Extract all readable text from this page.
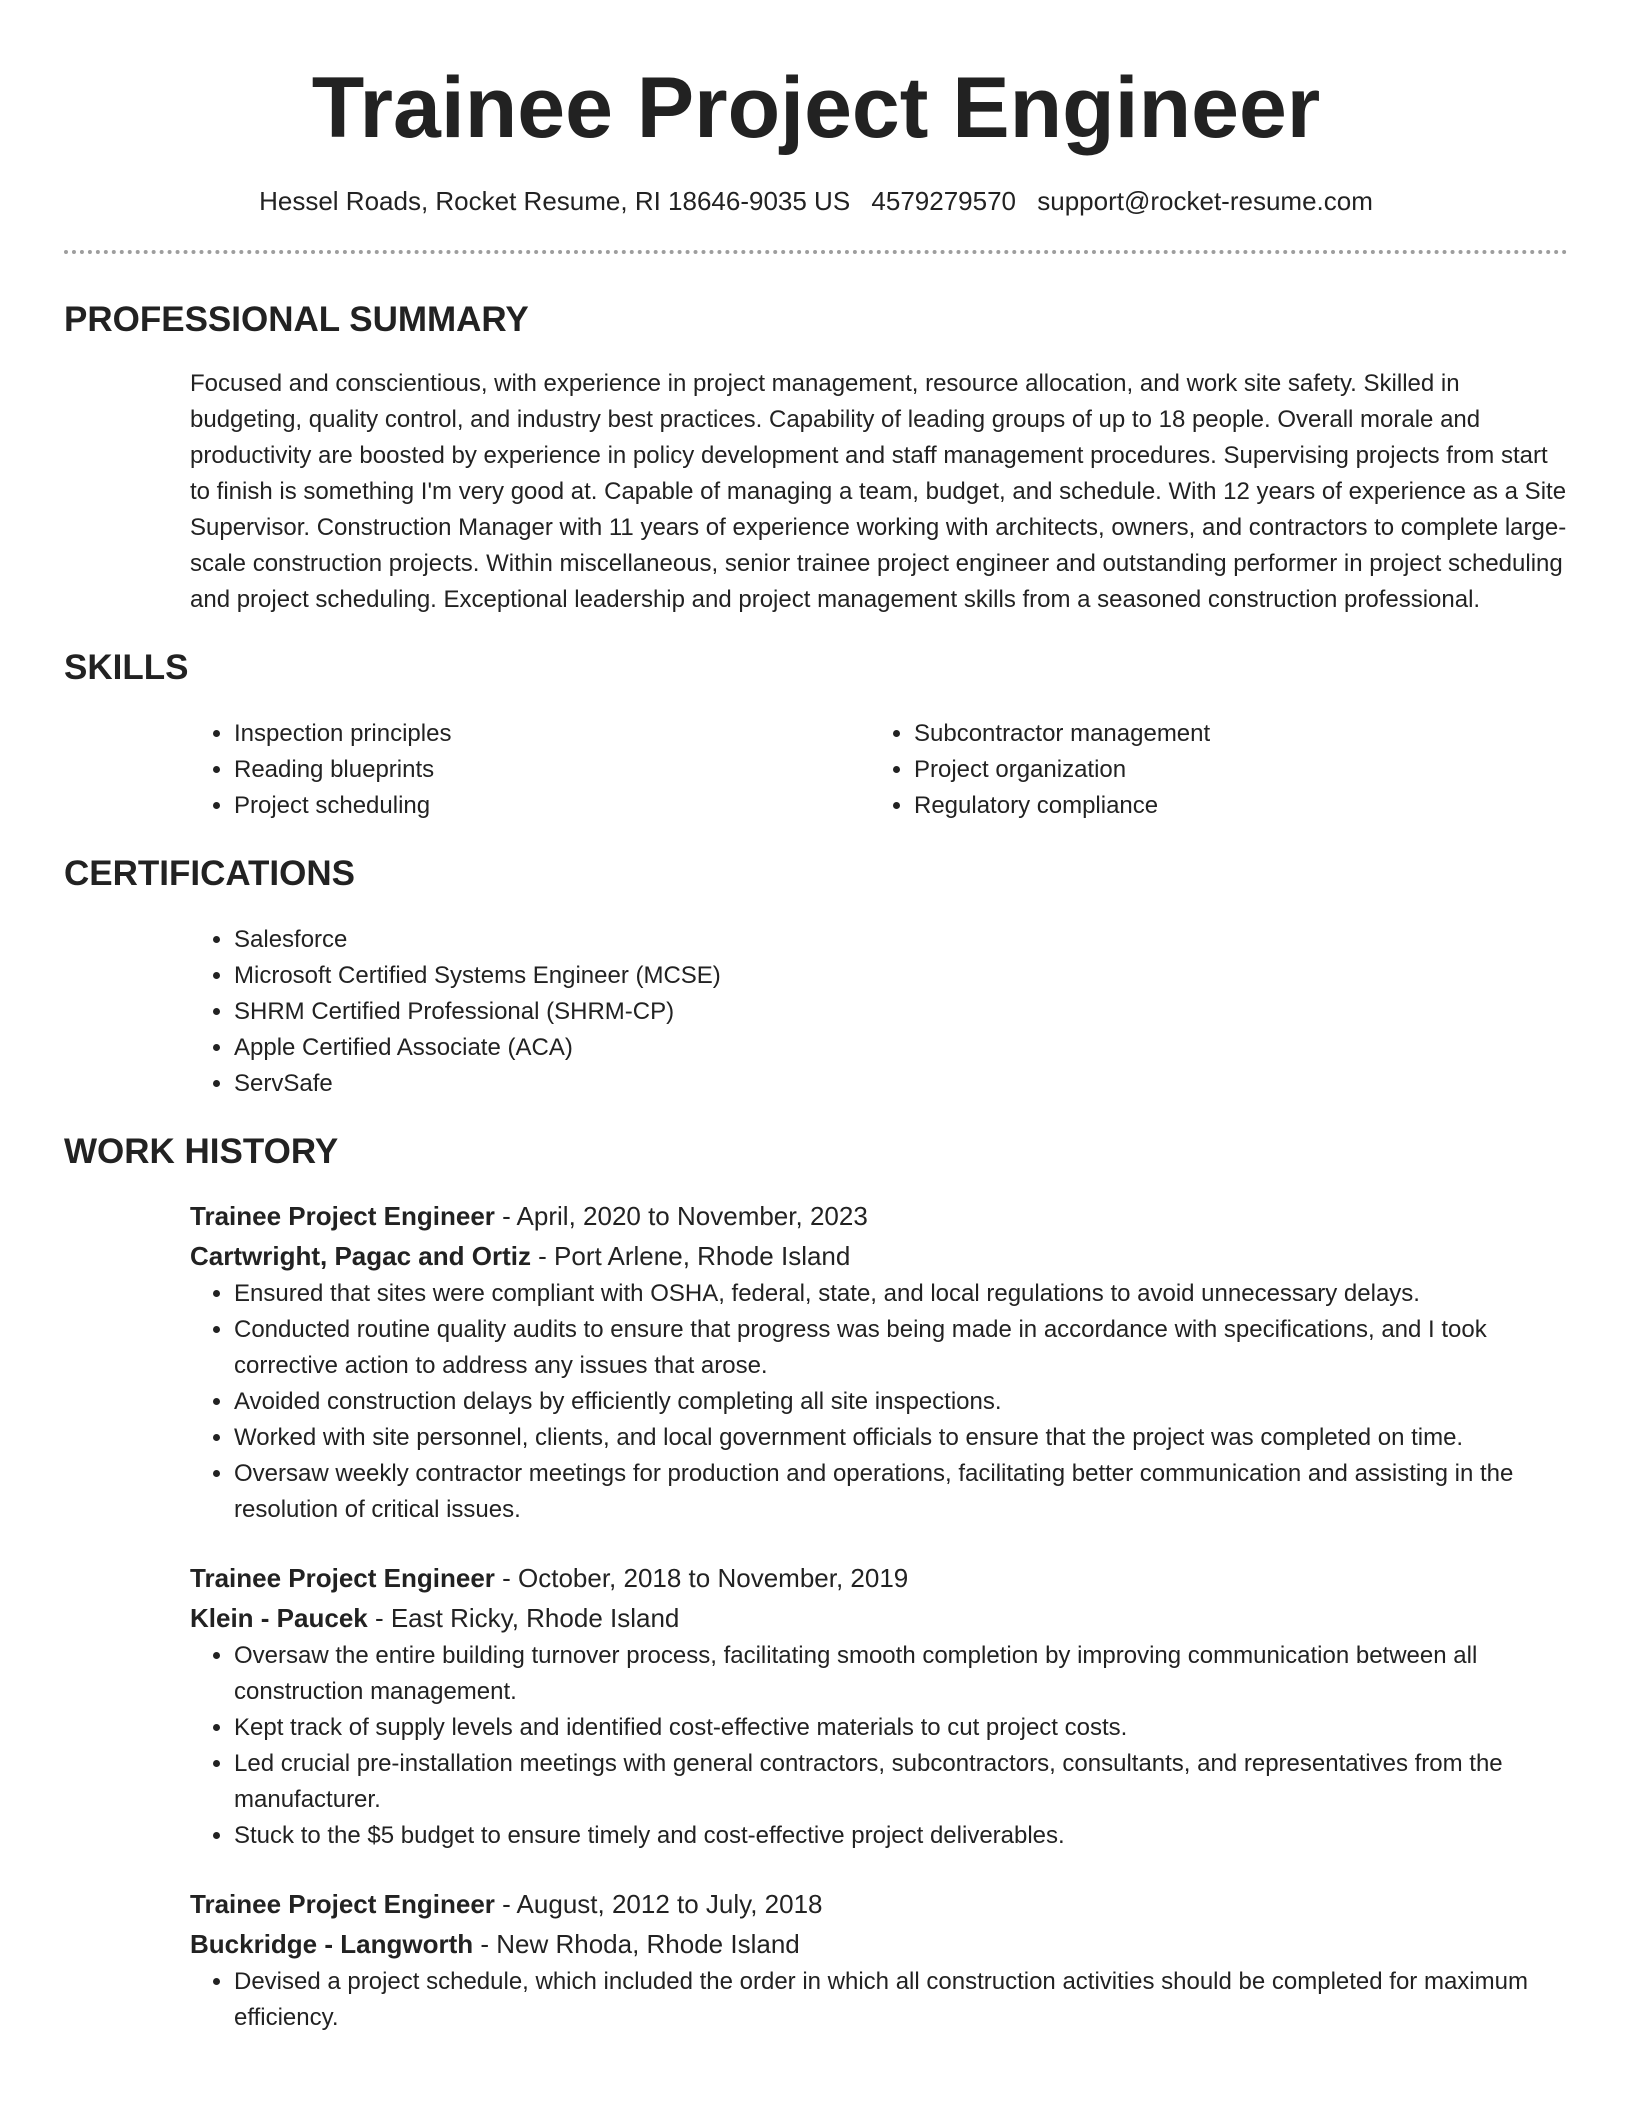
Trainee Project Engineer
Hessel Roads, Rocket Resume, RI 18646-9035 US 4579279570 support@rocket-resume.com
PROFESSIONAL SUMMARY

Focused and conscientious, with experience in project management, resource allocation, and work site safety. Skilled in budgeting, quality control, and industry best practices. Capability of leading groups of up to 18 people. Overall morale and productivity are boosted by experience in policy development and staff management procedures. Supervising projects from start to finish is something I'm very good at. Capable of managing a team, budget, and schedule. With 12 years of experience as a Site Supervisor. Construction Manager with 11 years of experience working with architects, owners, and contractors to complete large-scale construction projects. Within miscellaneous, senior trainee project engineer and outstanding performer in project scheduling and project scheduling. Exceptional leadership and project management skills from a seasoned construction professional.

SKILLS
• Inspection principles
• Reading blueprints
• Project scheduling
• Subcontractor management
• Project organization
• Regulatory compliance
CERTIFICATIONS
• Salesforce
• Microsoft Certified Systems Engineer (MCSE)
• SHRM Certified Professional (SHRM-CP)
• Apple Certified Associate (ACA)
• ServSafe
WORK HISTORY
Trainee Project Engineer - April, 2020 to November, 2023
Cartwright, Pagac and Ortiz - Port Arlene, Rhode Island
• Ensured that sites were compliant with OSHA, federal, state, and local regulations to avoid unnecessary delays.
• Conducted routine quality audits to ensure that progress was being made in accordance with specifications, and I took corrective action to address any issues that arose.
• Avoided construction delays by efficiently completing all site inspections.
• Worked with site personnel, clients, and local government officials to ensure that the project was completed on time.
• Oversaw weekly contractor meetings for production and operations, facilitating better communication and assisting in the resolution of critical issues.
Trainee Project Engineer - October, 2018 to November, 2019
Klein - Paucek - East Ricky, Rhode Island
• Oversaw the entire building turnover process, facilitating smooth completion by improving communication between all construction management.
• Kept track of supply levels and identified cost-effective materials to cut project costs.
• Led crucial pre-installation meetings with general contractors, subcontractors, consultants, and representatives from the manufacturer.
• Stuck to the $5 budget to ensure timely and cost-effective project deliverables.
Trainee Project Engineer - August, 2012 to July, 2018
Buckridge - Langworth - New Rhoda, Rhode Island
• Devised a project schedule, which included the order in which all construction activities should be completed for maximum efficiency.
